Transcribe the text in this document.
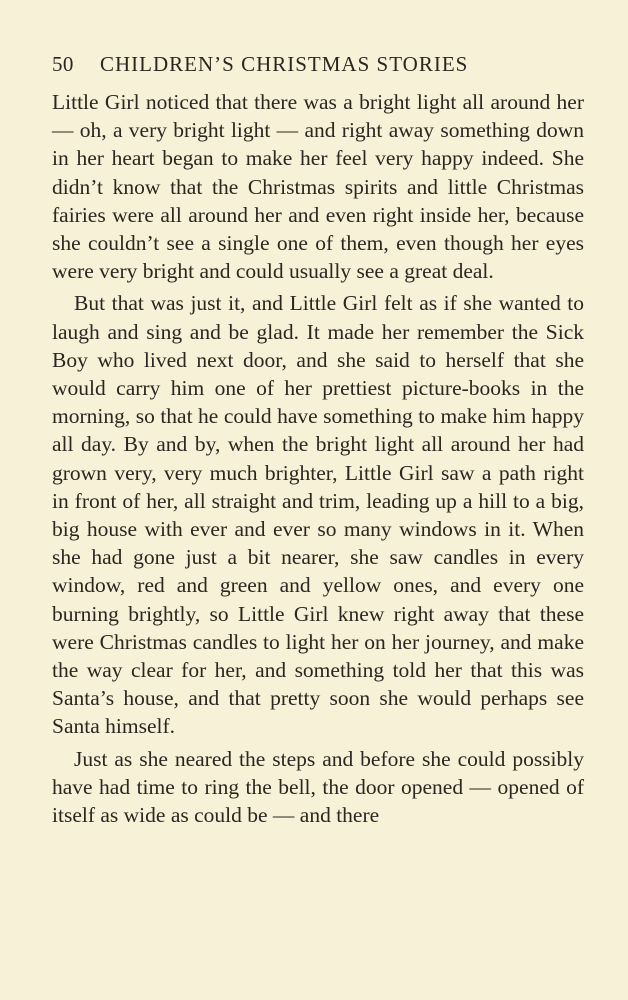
50	CHILDREN’S CHRISTMAS STORIES

Little Girl noticed that there was a bright light all around her — oh, a very bright light — and right away something down in her heart began to make her feel very happy indeed. She didn’t know that the Christmas spirits and little Christmas fairies were all around her and even right inside her, because she couldn’t see a single one of them, even though her eyes were very bright and could usually see a great deal.

But that was just it, and Little Girl felt as if she wanted to laugh and sing and be glad. It made her remember the Sick Boy who lived next door, and she said to herself that she would carry him one of her prettiest picture-books in the morning, so that he could have something to make him happy all day. By and by, when the bright light all around her had grown very, very much brighter, Little Girl saw a path right in front of her, all straight and trim, leading up a hill to a big, big house with ever and ever so many windows in it. When she had gone just a bit nearer, she saw candles in every window, red and green and yellow ones, and every one burning brightly, so Little Girl knew right away that these were Christmas candles to light her on her journey, and make the way clear for her, and something told her that this was Santa’s house, and that pretty soon she would perhaps see Santa himself.

Just as she neared the steps and before she could possibly have had time to ring the bell, the door opened — opened of itself as wide as could be — and there
